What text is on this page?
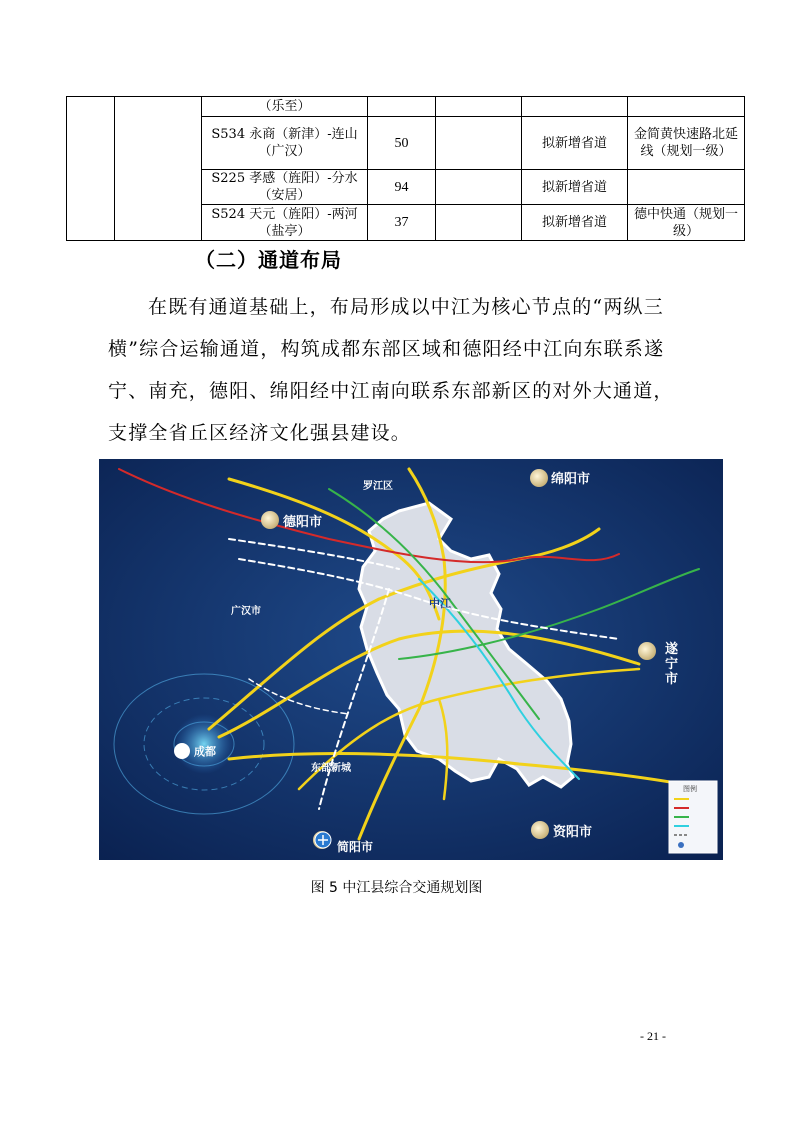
		（乐至）				
		S534 永商（新津）-连山（广汉）	50		拟新增省道	金简黄快速路北延线（规划一级）
		S225 孝感（旌阳）-分水（安居）	94		拟新增省道	
		S524 天元（旌阳）-两河（盐亭）	37		拟新增省道	德中快通（规划一级）
（二）通道布局
在既有通道基础上，布局形成以中江为核心节点的“两纵三横”综合运输通道，构筑成都东部区域和德阳经中江向东联系遂宁、南充，德阳、绵阳经中江南向联系东部新区的对外大通道，支撑全省丘区经济文化强县建设。
德阳市
绵阳市
资阳市
简阳市
成都
罗江区
广汉市
东部新城
中江
遂宁市
图例
图 5 中江县综合交通规划图
- 21 -
